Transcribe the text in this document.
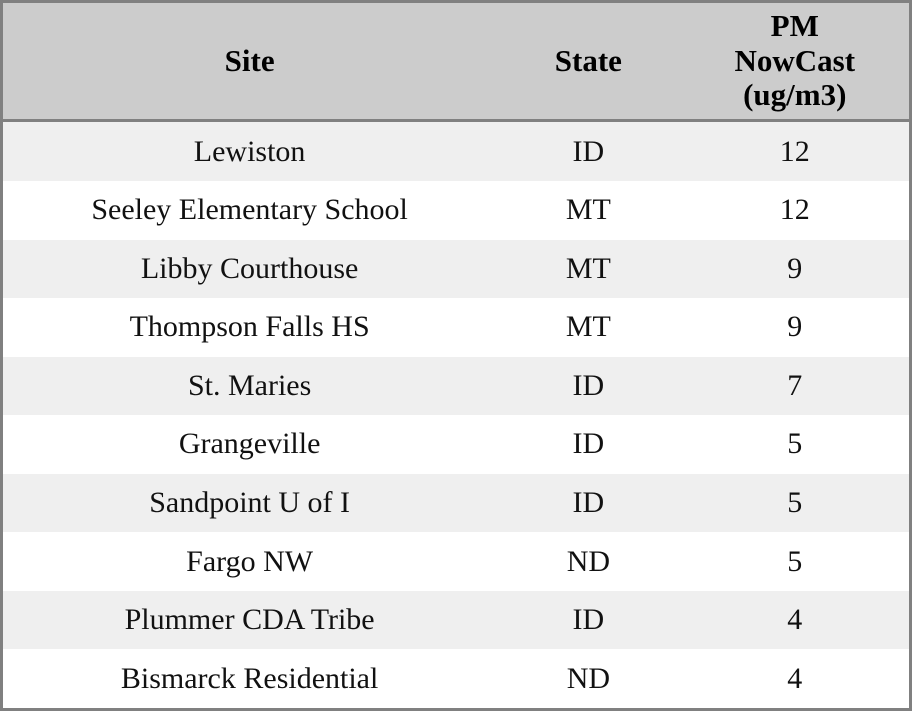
Site	State	PM
NowCast
(ug/m3)

Lewiston	ID	12
Seeley Elementary School	MT	12
Libby Courthouse	MT	9
Thompson Falls HS	MT	9
St. Maries	ID	7
Grangeville	ID	5
Sandpoint U of I	ID	5
Fargo NW	ND	5
Plummer CDA Tribe	ID	4
Bismarck Residential	ND	4
